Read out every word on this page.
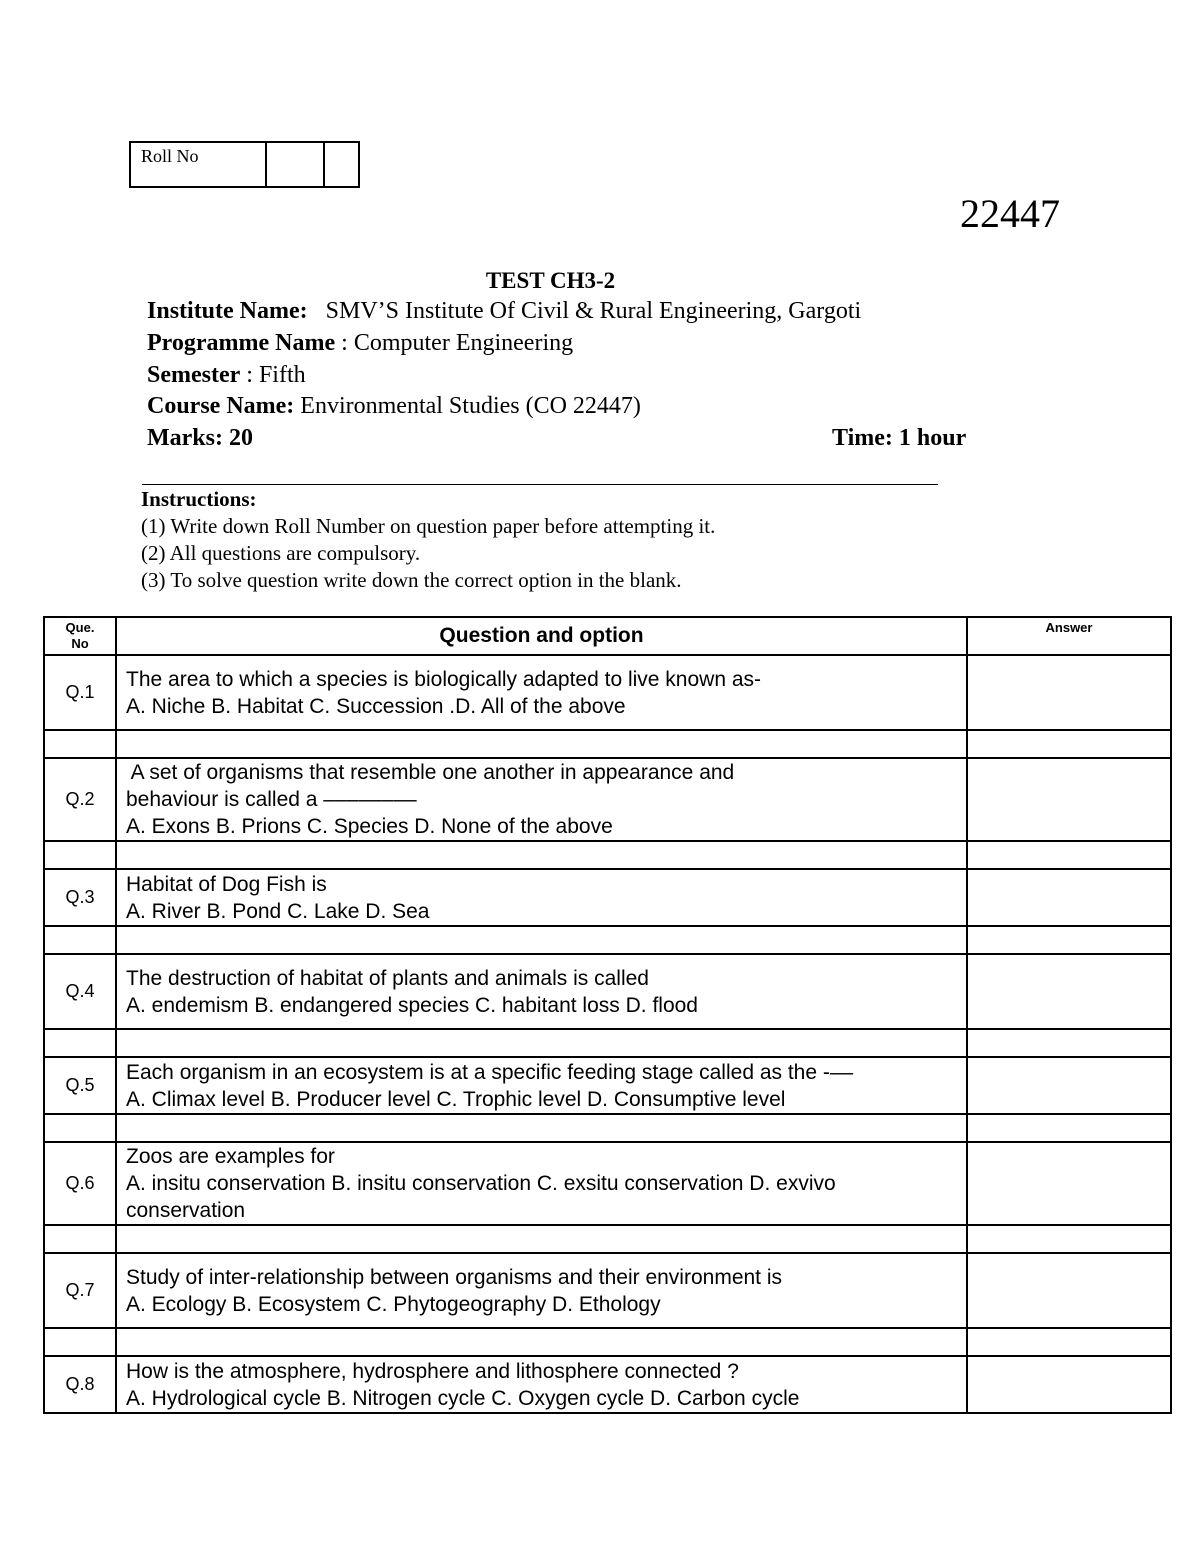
Roll No
22447
TEST CH3-2
Institute Name: SMV’S Institute Of Civil & Rural Engineering, Gargoti
Programme Name : Computer Engineering
Semester : Fifth
Course Name: Environmental Studies (CO 22447)
Marks: 20	Time: 1 hour
Instructions:
(1) Write down Roll Number on question paper before attempting it.
(2) All questions are compulsory.
(3) To solve question write down the correct option in the blank.
Que.
No	Question and option	Answer
Q.1	The area to which a species is biologically adapted to live known as-
A. Niche B. Habitat C. Succession .D. All of the above	

Q.2	A set of organisms that resemble one another in appearance and
behaviour is called a ––––––––
A. Exons B. Prions C. Species D. None of the above	

Q.3	Habitat of Dog Fish is
A. River B. Pond C. Lake D. Sea	

Q.4	The destruction of habitat of plants and animals is called
A. endemism B. endangered species C. habitant loss D. flood	

Q.5	Each organism in an ecosystem is at a specific feeding stage called as the -––
A. Climax level B. Producer level C. Trophic level D. Consumptive level	

Q.6	Zoos are examples for
A. insitu conservation B. insitu conservation C. exsitu conservation D. exvivo
conservation	

Q.7	Study of inter-relationship between organisms and their environment is
A. Ecology B. Ecosystem C. Phytogeography D. Ethology	

Q.8	How is the atmosphere, hydrosphere and lithosphere connected ?
A. Hydrological cycle B. Nitrogen cycle C. Oxygen cycle D. Carbon cycle	
